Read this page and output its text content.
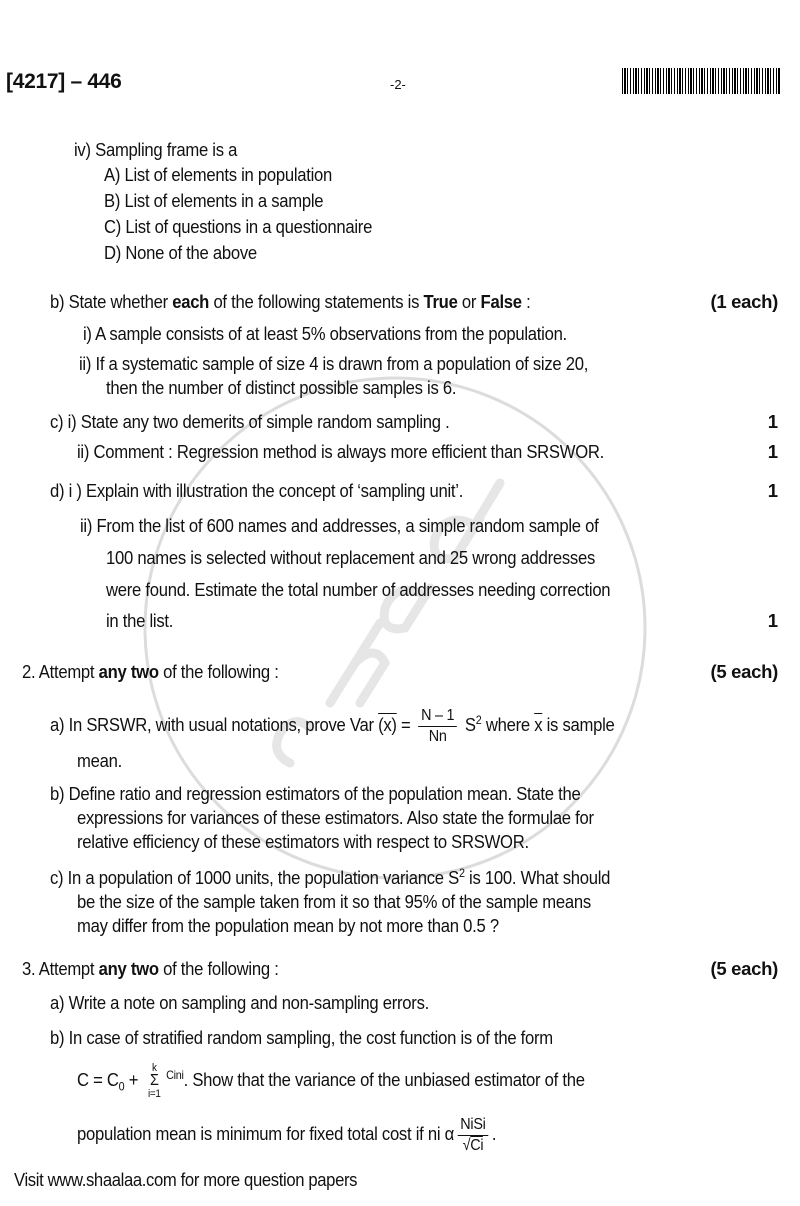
[4217] – 446	-2-
iv) Sampling frame is a
A) List of elements in population
B) List of elements in a sample
C) List of questions in a questionnaire
D) None of the above
b) State whether each of the following statements is True or False :	(1 each)
i) A sample consists of at least 5% observations from the population.
ii) If a systematic sample of size 4 is drawn from a population of size 20,
then the number of distinct possible samples is 6.
c) i) State any two demerits of simple random sampling .	1
ii) Comment : Regression method is always more efficient than SRSWOR.	1
d) i ) Explain with illustration the concept of ‘sampling unit’.	1
ii) From the list of 600 names and addresses, a simple random sample of
100 names is selected without replacement and 25 wrong addresses
were found. Estimate the total number of addresses needing correction
in the list.	1
2. Attempt any two of the following :	(5 each)
a) In SRSWR, with usual notations, prove Var $(x) = \frac{N - 1}{Nn} S^2$ where $\overline{x}$ is sample
mean.
b) Define ratio and regression estimators of the population mean. State the
expressions for variances of these estimators. Also state the formulae for
relative efficiency of these estimators with respect to SRSWOR.
c) In a population of 1000 units, the population variance $S^2$ is 100. What should
be the size of the sample taken from it so that 95% of the sample means
may differ from the population mean by not more than 0.5 ?
3. Attempt any two of the following :	(5 each)
a) Write a note on sampling and non-sampling errors.
b) In case of stratified random sampling, the cost function is of the form
$C = C_0 + k$
Σ
$i=1^{Cini}$. Show that the variance of the unbiased estimator of the
population mean is minimum for fixed total cost if ni α $\frac{\text{NiSi}}{√Ci}$ .
Visit www.shaalaa.com for more question papers
